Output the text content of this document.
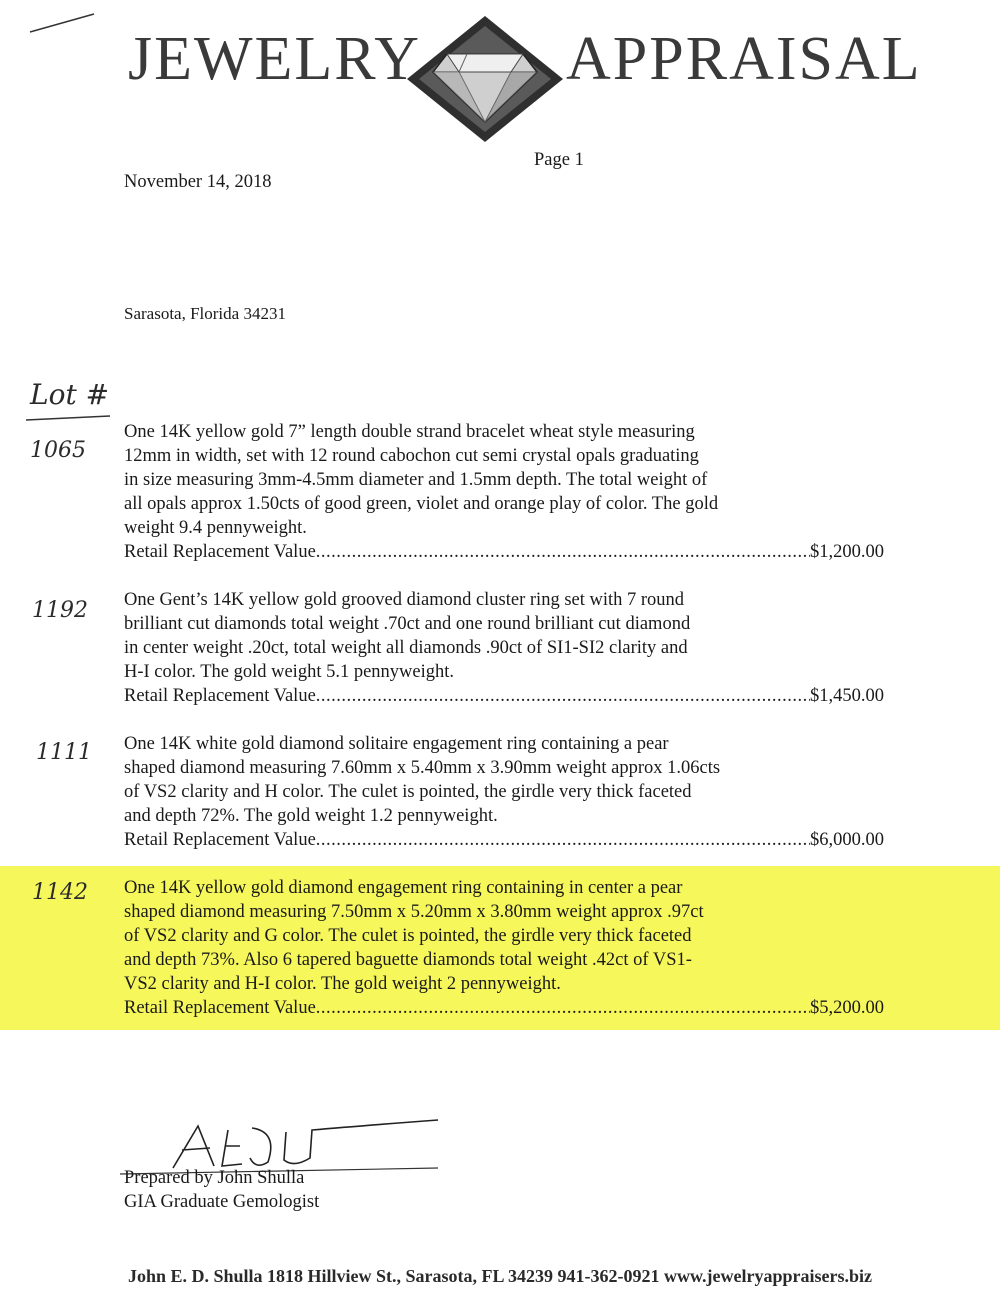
JEWELRY APPRAISAL
Page 1
November 14, 2018
Sarasota, Florida 34231
Lot #
1065

One 14K yellow gold 7” length double strand bracelet wheat style measuring

12mm in width, set with 12 round cabochon cut semi crystal opals graduating

in size measuring 3mm-4.5mm diameter and 1.5mm depth. The total weight of

all opals approx 1.50cts of good green, violet and orange play of color. The gold

weight 9.4 pennyweight.

Retail Replacement Value .....	$1,200.00
1192 One Gent’s 14K yellow gold grooved diamond cluster ring set with 7 round

brilliant cut diamonds total weight .70ct and one round brilliant cut diamond

in center weight .20ct, total weight all diamonds .90ct of SI1-SI2 clarity and

H-I color. The gold weight 5.1 pennyweight.

Retail Replacement Value .....	$1,450.00
1111 One 14K white gold diamond solitaire engagement ring containing a pear

shaped diamond measuring 7.60mm x 5.40mm x 3.90mm weight approx 1.06cts

of VS2 clarity and H color. The culet is pointed, the girdle very thick faceted

and depth 72%. The gold weight 1.2 pennyweight.

Retail Replacement Value .....	$6,000.00
1142 One 14K yellow gold diamond engagement ring containing in center a pear

shaped diamond measuring 7.50mm x 5.20mm x 3.80mm weight approx .97ct

of VS2 clarity and G color. The culet is pointed, the girdle very thick faceted

and depth 73%. Also 6 tapered baguette diamonds total weight .42ct of VS1-

VS2 clarity and H-I color. The gold weight 2 pennyweight.

Retail Replacement Value .....	$5,200.00
Prepared by John Shulla
GIA Graduate Gemologist
John E. D. Shulla 1818 Hillview St., Sarasota, FL 34239 941-362-0921 www.jewelryappraisers.biz
